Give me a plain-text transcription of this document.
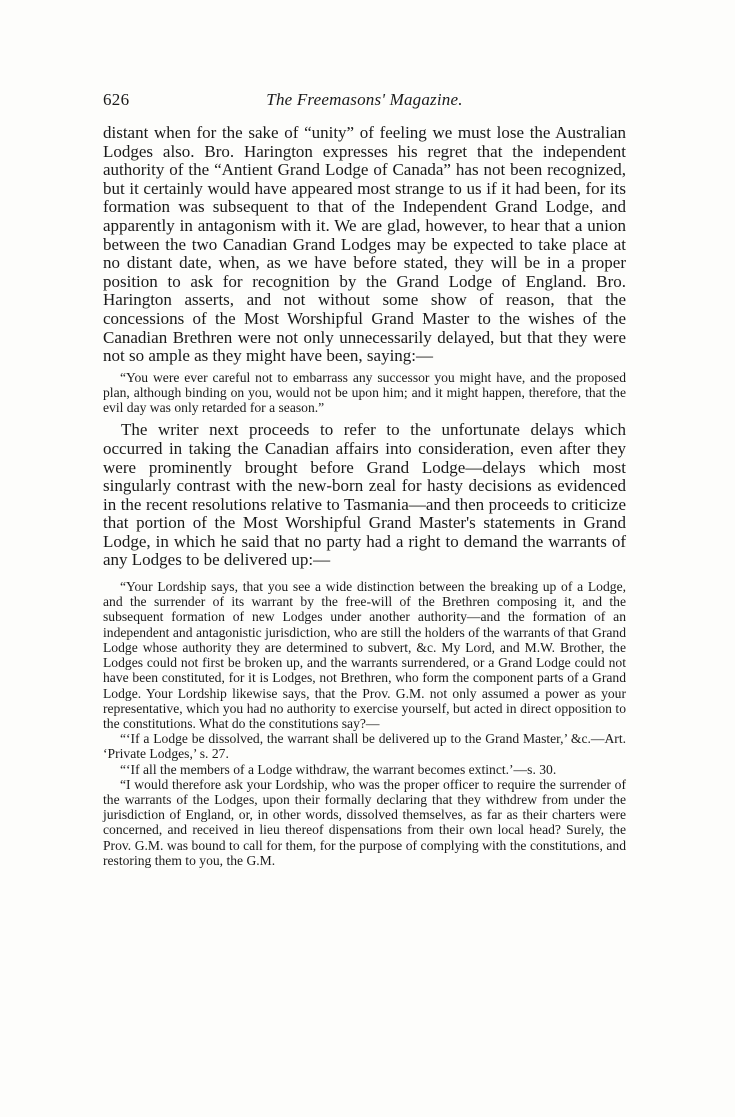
626	The Freemasons' Magazine.

distant when for the sake of “unity” of feeling we must lose the Australian Lodges also. Bro. Harington expresses his regret that the independent authority of the “Antient Grand Lodge of Canada” has not been recognized, but it certainly would have appeared most strange to us if it had been, for its formation was subsequent to that of the Independent Grand Lodge, and apparently in antagonism with it. We are glad, however, to hear that a union between the two Canadian Grand Lodges may be expected to take place at no distant date, when, as we have before stated, they will be in a proper position to ask for recognition by the Grand Lodge of England. Bro. Harington asserts, and not without some show of reason, that the concessions of the Most Worshipful Grand Master to the wishes of the Canadian Brethren were not only unnecessarily delayed, but that they were not so ample as they might have been, saying:—

“You were ever careful not to embarrass any successor you might have, and the proposed plan, although binding on you, would not be upon him; and it might happen, therefore, that the evil day was only retarded for a season.”

The writer next proceeds to refer to the unfortunate delays which occurred in taking the Canadian affairs into consideration, even after they were prominently brought before Grand Lodge—delays which most singularly contrast with the new-born zeal for hasty decisions as evidenced in the recent resolutions relative to Tasmania—and then proceeds to criticize that portion of the Most Worshipful Grand Master's statements in Grand Lodge, in which he said that no party had a right to demand the warrants of any Lodges to be delivered up:—

“Your Lordship says, that you see a wide distinction between the breaking up of a Lodge, and the surrender of its warrant by the free-will of the Brethren composing it, and the subsequent formation of new Lodges under another authority—and the formation of an independent and antagonistic jurisdiction, who are still the holders of the warrants of that Grand Lodge whose authority they are determined to subvert, &c. My Lord, and M.W. Brother, the Lodges could not first be broken up, and the warrants surrendered, or a Grand Lodge could not have been constituted, for it is Lodges, not Brethren, who form the component parts of a Grand Lodge. Your Lordship likewise says, that the Prov. G.M. not only assumed a power as your representative, which you had no authority to exercise yourself, but acted in direct opposition to the constitutions. What do the constitutions say?—

“‘If a Lodge be dissolved, the warrant shall be delivered up to the Grand Master,’ &c.—Art. ‘Private Lodges,’ s. 27.

“‘If all the members of a Lodge withdraw, the warrant becomes extinct.’—s. 30.

“I would therefore ask your Lordship, who was the proper officer to require the surrender of the warrants of the Lodges, upon their formally declaring that they withdrew from under the jurisdiction of England, or, in other words, dissolved themselves, as far as their charters were concerned, and received in lieu thereof dispensations from their own local head? Surely, the Prov. G.M. was bound to call for them, for the purpose of complying with the constitutions, and restoring them to you, the G.M.
